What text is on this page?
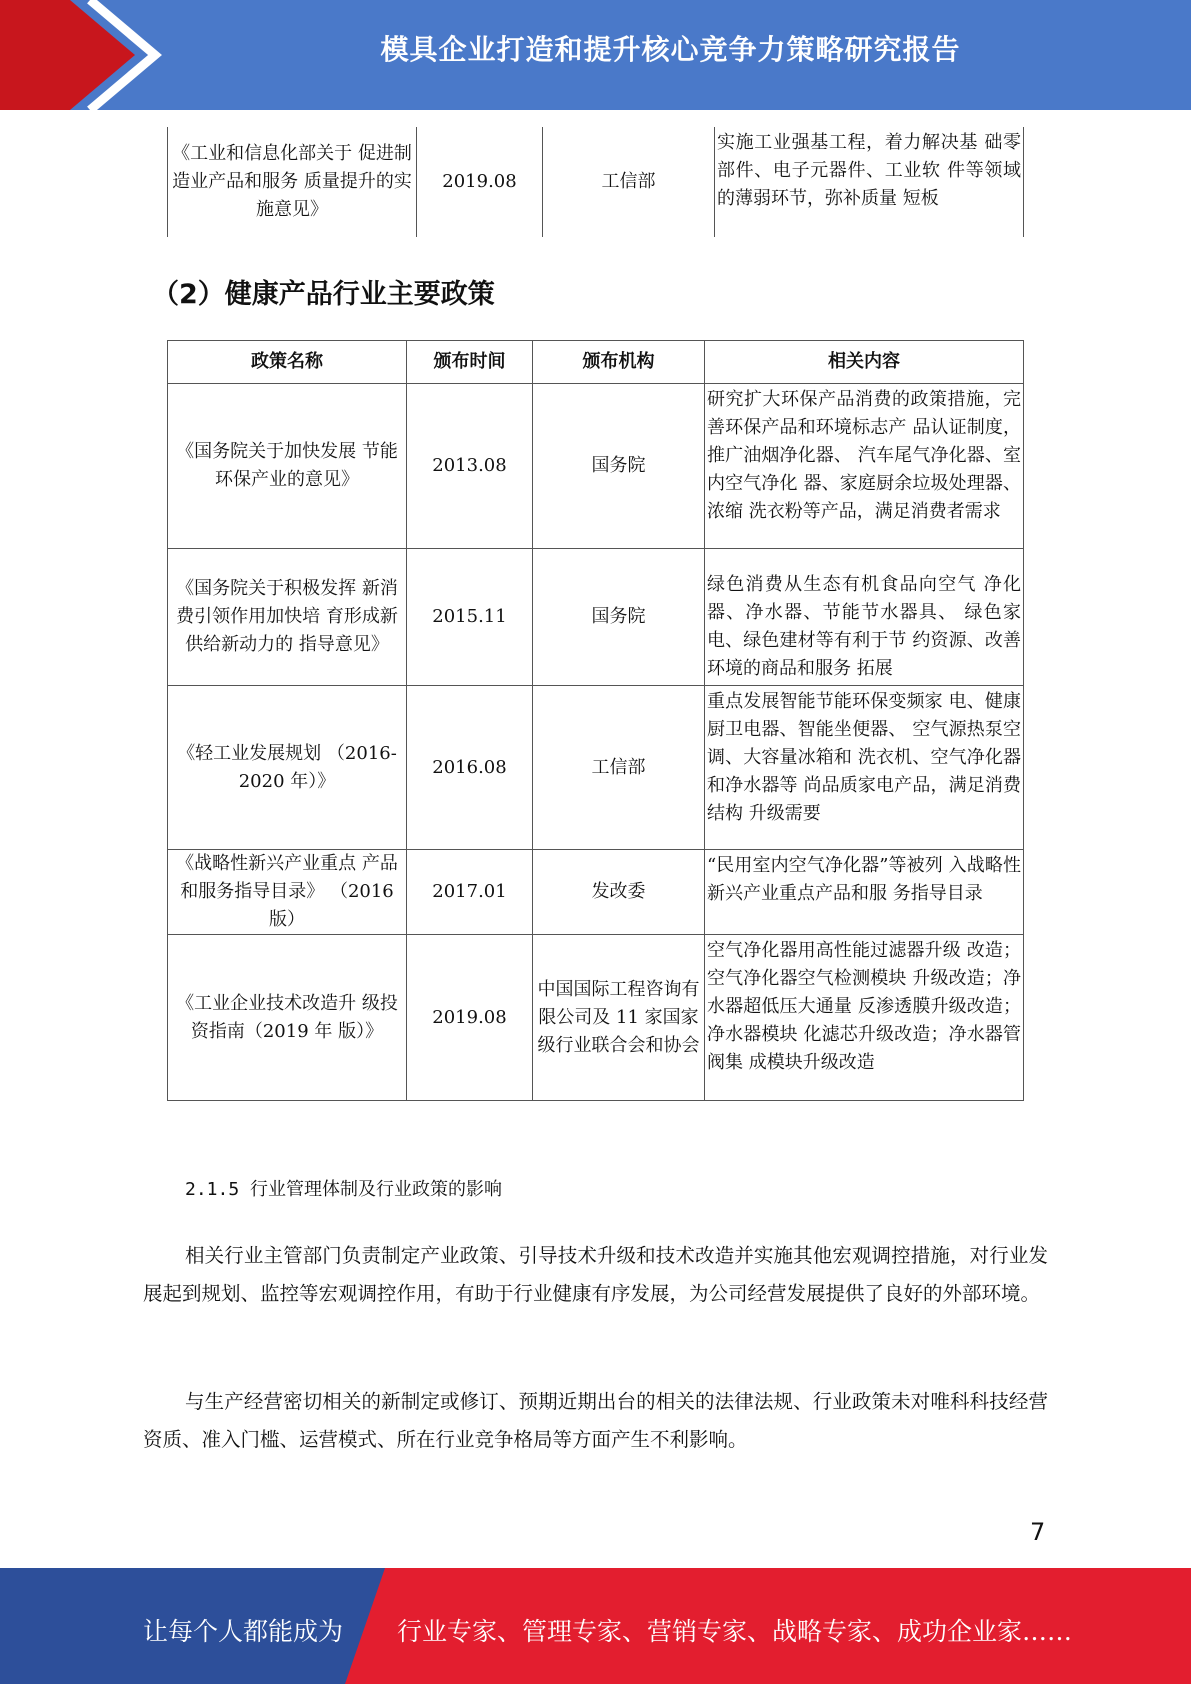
模具企业打造和提升核心竞争力策略研究报告
《工业和信息化部关于 促进制造业产品和服务 质量提升的实施意见》	2019.08	工信部	实施工业强基工程，着力解决基 础零部件、电子元器件、工业软 件等领域的薄弱环节，弥补质量 短板
（2）健康产品行业主要政策
政策名称	颁布时间	颁布机构	相关内容
《国务院关于加快发展 节能环保产业的意见》	2013.08	国务院	研究扩大环保产品消费的政策措施，完善环保产品和环境标志产 品认证制度，推广油烟净化器、 汽车尾气净化器、室内空气净化 器、家庭厨余垃圾处理器、浓缩 洗衣粉等产品，满足消费者需求
《国务院关于积极发挥 新消费引领作用加快培 育形成新供给新动力的 指导意见》	2015.11	国务院	绿色消费从生态有机食品向空气 净化器、净水器、节能节水器具、 绿色家电、绿色建材等有利于节 约资源、改善环境的商品和服务 拓展
《轻工业发展规划 （2016-2020 年）》	2016.08	工信部	重点发展智能节能环保变频家 电、健康厨卫电器、智能坐便器、 空气源热泵空调、大容量冰箱和 洗衣机、空气净化器和净水器等 尚品质家电产品，满足消费结构 升级需要
《战略性新兴产业重点 产品和服务指导目录》 （2016 版）	2017.01	发改委	“民用室内空气净化器”等被列 入战略性新兴产业重点产品和服 务指导目录
《工业企业技术改造升 级投资指南（2019 年 版）》	2019.08	中国国际工程咨询有限公司及 11 家国家级行业联合会和协会	空气净化器用高性能过滤器升级 改造；空气净化器空气检测模块 升级改造；净水器超低压大通量 反渗透膜升级改造；净水器模块 化滤芯升级改造；净水器管阀集 成模块升级改造
2.1.5 行业管理体制及行业政策的影响

相关行业主管部门负责制定产业政策、引导技术升级和技术改造并实施其他宏观调控措施，对行业发展起到规划、监控等宏观调控作用，有助于行业健康有序发展，为公司经营发展提供了良好的外部环境。

与生产经营密切相关的新制定或修订、预期近期出台的相关的法律法规、行业政策未对唯科科技经营资质、准入门槛、运营模式、所在行业竞争格局等方面产生不利影响。

7
让每个人都能成为 行业专家、管理专家、营销专家、战略专家、成功企业家……
